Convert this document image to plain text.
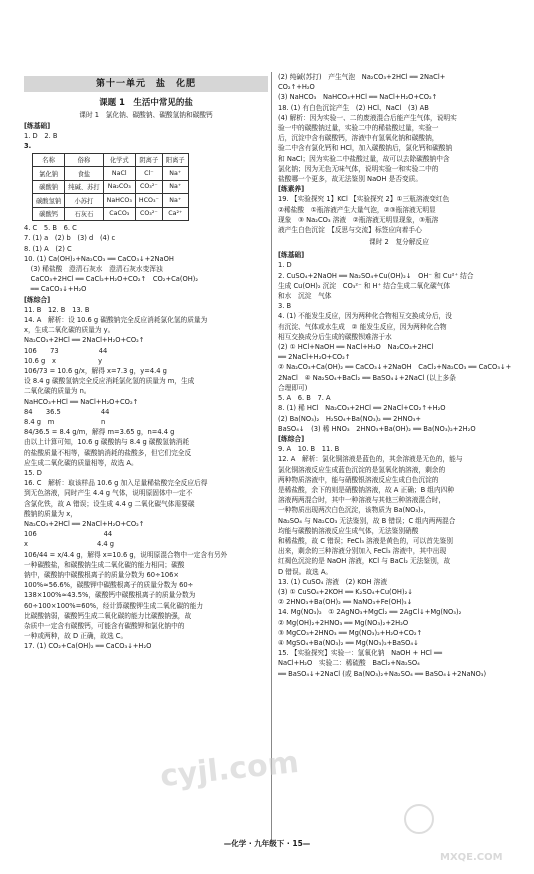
第十一单元　盐　化肥
课题 1　生活中常见的盐
课时 1　氯化钠、碳酸钠、碳酸氢钠和碳酸钙
[练基础]
1. D　2. B
3.
名称	俗称	化学式	阴离子	阳离子
氯化钠	食盐	NaCl	Cl⁻	Na⁺
碳酸钠	纯碱、苏打	Na₂CO₃	CO₃²⁻	Na⁺
碳酸氢钠	小苏打	NaHCO₃	HCO₃⁻	Na⁺
碳酸钙	石灰石	CaCO₃	CO₃²⁻	Ca²⁺
4. C　5. B　6. C
7. (1) a　(2) b　(3) d　(4) c
8. (1) A　(2) C
10. (1) Ca(OH)₂+Na₂CO₃ ══ CaCO₃↓+2NaOH
　(3) 稀盐酸　澄清石灰水　澄清石灰水变浑浊
　CaCO₃+2HCl ══ CaCl₂+H₂O+CO₂↑　CO₂+Ca(OH)₂
　══ CaCO₃↓+H₂O
[练综合]
11. B　12. B　13. B
14. A　解析：设 10.6 g 碳酸钠完全反应消耗氯化氢的质量为
x，生成二氧化碳的质量为 y。
Na₂CO₃+2HCl ══ 2NaCl+H₂O+CO₂↑
106　　73　　　　　　44
10.6 g　x　　　　　　 y
106/73 = 10.6 g/x，解得 x=7.3 g，y=4.4 g
设 8.4 g 碳酸氢钠完全反应消耗氯化氢的质量为 m，生成
二氧化碳的质量为 n。
NaHCO₃+HCl ══ NaCl+H₂O+CO₂↑
84　　36.5　　　　　　44
8.4 g　m　　　　　　　n
84/36.5 = 8.4 g/m，解得 m=3.65 g，n=4.4 g
由以上计算可知，10.6 g 碳酸钠与 8.4 g 碳酸氢钠消耗
的盐酸质量不相等，碳酸钠消耗的盐酸多，但它们完全反
应生成二氧化碳的质量相等，故选 A。
15. D
16. C　解析：取该样品 10.6 g 加入足量稀盐酸完全反应后得
到无色溶液，同时产生 4.4 g 气体，说明原固体中一定不
含氯化铁，故 A 错误；设生成 4.4 g 二氧化碳气体需要碳
酸钠的质量为 x，
Na₂CO₃+2HCl ══ 2NaCl+H₂O+CO₂↑
106　　　　　　　　　　44
x　　　　　　　　　　 4.4 g
106/44 = x/4.4 g，解得 x=10.6 g，说明原混合物中一定含有另外
一种碳酸盐，和碳酸钠生成二氧化碳的能力相同；碳酸
钠中，碳酸钠中碳酸根离子的质量分数为 60÷106×
100%≈56.6%，碳酸钾中碳酸根离子的质量分数为 60÷
138×100%≈43.5%，碳酸钙中碳酸根离子的质量分数为
60÷100×100%=60%，经计算碳酸钾生成二氧化碳的能力
比碳酸钠弱，碳酸钙生成二氧化碳的能力比碳酸钠强，故
杂质中一定含有碳酸钙，可能含有碳酸钾和氯化钠中的
一种或两种，故 D 正确，故选 C。
17. (1) CO₂+Ca(OH)₂ ══ CaCO₃↓+H₂O
(2) 纯碱(苏打)　产生气泡　Na₂CO₃+2HCl ══ 2NaCl+
CO₂↑+H₂O
(3) NaHCO₃　NaHCO₃+HCl ══ NaCl+H₂O+CO₂↑
18. (1) 有白色沉淀产生　(2) HCl、NaCl　(3) AB
(4) 解析：因为实验一、二的废液混合后能产生气体，说明实
验一中的碳酸钠过量，实验二中的稀盐酸过量，实验一
后，沉淀中含有碳酸钙，溶液中有氢氧化钠和碳酸钠，
验二中含有氯化钙和 HCl，加入碳酸钠后，氯化钙和碳酸钠
和 NaCl；因为实验二中盐酸过量，故可以去除碳酸钠中含
氯化钠；因为无色无味气体，说明实验一和实验二中的
盐酸哪一个更多，故无法鉴别 NaOH 是否变质。
[练素养]
19. 【实验探究 1】KCl 【实验探究 2】①三瓶溶液变红色
②稀盐酸　①瓶溶液产生大量气泡，②③瓶溶液无明显
现象　③ Na₂CO₃ 溶液　②瓶溶液无明显现象，③瓶溶
液产生白色沉淀　【反思与交流】标签应向着手心
课时 2　复分解反应
[练基础]
1. D
2. CuSO₄+2NaOH ══ Na₂SO₄+Cu(OH)₂↓　OH⁻ 和 Cu²⁺ 结合
生成 Cu(OH)₂ 沉淀　CO₃²⁻ 和 H⁺ 结合生成二氧化碳气体
和水　沉淀　气体
3. B
4. (1) 不能发生反应，因为两种化合物相互交换成分后，没
有沉淀、气体或水生成　② 能发生反应，因为两种化合物
相互交换成分后生成的碳酸钡难溶于水
(2) ① HCl+NaOH ══ NaCl+H₂O　Na₂CO₃+2HCl
══ 2NaCl+H₂O+CO₂↑
② Na₂CO₃+Ca(OH)₂ ══ CaCO₃↓+2NaOH　CaCl₂+Na₂CO₃ ══ CaCO₃↓+
2NaCl　④ Na₂SO₄+BaCl₂ ══ BaSO₄↓+2NaCl (以上多条
合理即可)
5. A　6. B　7. A
8. (1) 稀 HCl　Na₂CO₃+2HCl ══ 2NaCl+CO₂↑+H₂O
(2) Ba(NO₃)₂　H₂SO₄+Ba(NO₃)₂ ══ 2HNO₃+
BaSO₄↓　(3) 稀 HNO₃　2HNO₃+Ba(OH)₂ ══ Ba(NO₃)₂+2H₂O
[练综合]
9. A　10. B　11. B
12. A　解析：氯化铜溶液是蓝色的，其余溶液是无色的，能与
氯化铜溶液反应生成蓝色沉淀的是氢氧化钠溶液，剩余的
两种物质溶液中，能与硝酸银溶液反应生成白色沉淀的
是稀盐酸，余下的则是硝酸钠溶液，故 A 正确；B 组内四种
溶液两两混合时，其中一种溶液与其他三种溶液混合时，
一种物质出现两次白色沉淀，该物质为 Ba(NO₃)₂，
Na₂SO₄ 与 Na₂CO₃ 无法鉴别，故 B 错误；C 组内两两混合
均能与碳酸钠溶液反应生成气体，无法鉴别硝酸
和稀盐酸，故 C 错误；FeCl₃ 溶液是黄色的，可以首先鉴别
出来，剩余的三种溶液分别加入 FeCl₃ 溶液中，其中出现
红褐色沉淀的是 NaOH 溶液，KCl 与 BaCl₂ 无法鉴别，故
D 错误。故选 A。
13. (1) CuSO₄ 溶液　(2) KOH 溶液
(3) ① CuSO₄+2KOH ══ K₂SO₄+Cu(OH)₂↓
② 2HNO₃+Ba(OH)₂ ══ NaNO₃+Fe(OH)₃↓
14. Mg(NO₃)₂　① 2AgNO₃+MgCl₂ ══ 2AgCl↓+Mg(NO₃)₂
② Mg(OH)₂+2HNO₃ ══ Mg(NO₃)₂+2H₂O
③ MgCO₃+2HNO₃ ══ Mg(NO₃)₂+H₂O+CO₂↑
④ MgSO₄+Ba(NO₃)₂ ══ Mg(NO₃)₂+BaSO₄↓
15. 【实验探究】实验一：氢氧化钠　NaOH + HCl ══
NaCl+H₂O　实验二：稀硫酸　BaCl₂+Na₂SO₄
══ BaSO₄↓+2NaCl (或 Ba(NO₃)₂+Na₂SO₄ ══ BaSO₄↓+2NaNO₃)
—化学 · 九年级下 · 15—
cyjl.com
MXQE.COM
